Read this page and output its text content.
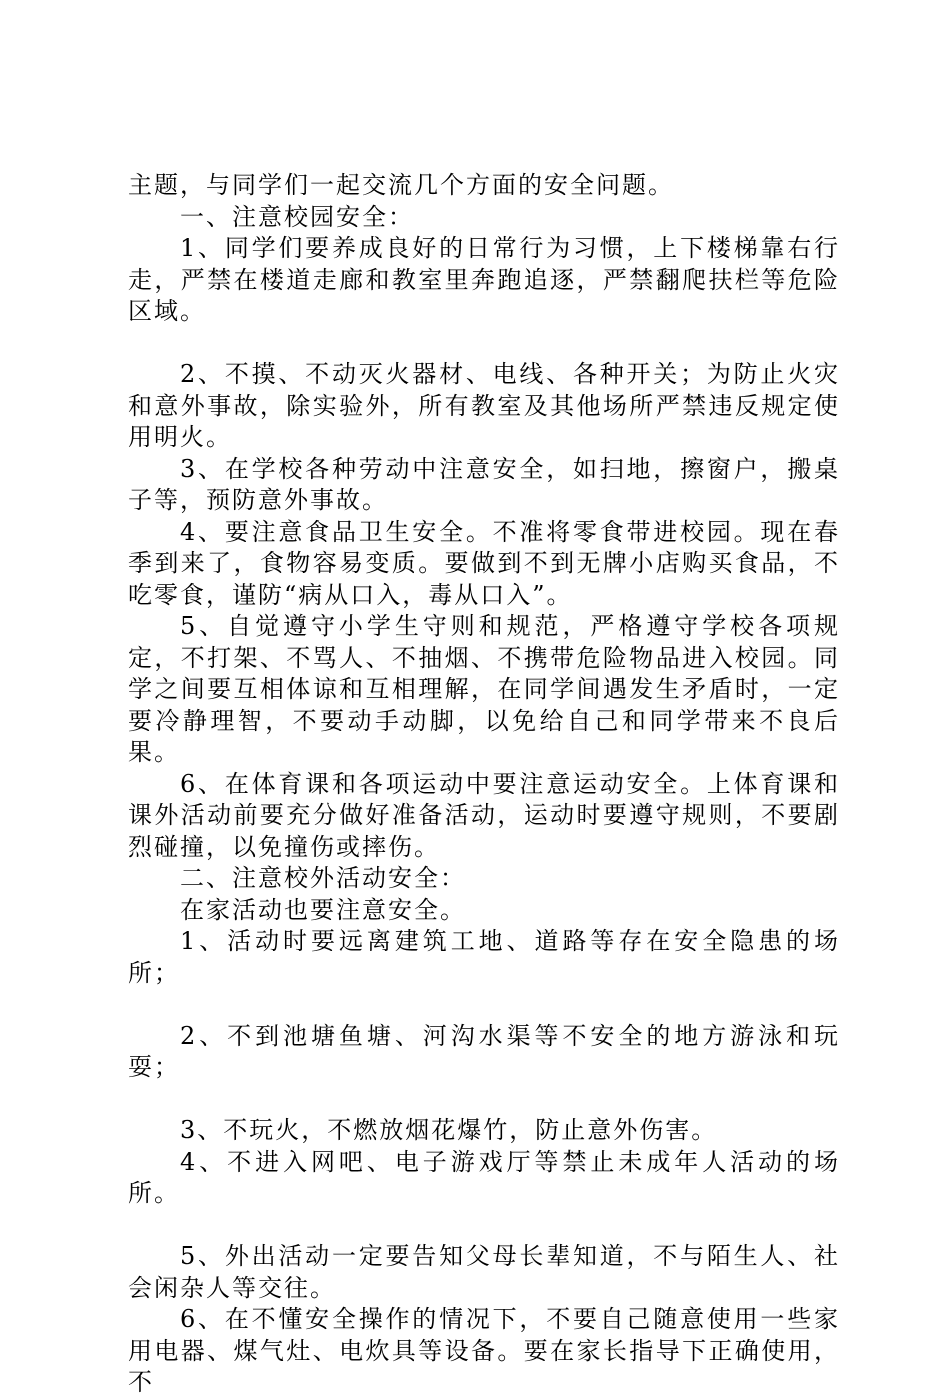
主题，与同学们一起交流几个方面的安全问题。

一、注意校园安全：

1、同学们要养成良好的日常行为习惯，上下楼梯靠右行走，严禁在楼道走廊和教室里奔跑追逐，严禁翻爬扶栏等危险区域。

2、不摸、不动灭火器材、电线、各种开关；为防止火灾和意外事故，除实验外，所有教室及其他场所严禁违反规定使用明火。

3、在学校各种劳动中注意安全，如扫地，擦窗户，搬桌子等，预防意外事故。

4、要注意食品卫生安全。不准将零食带进校园。现在春季到来了，食物容易变质。要做到不到无牌小店购买食品，不吃零食，谨防“病从口入，毒从口入”。

5、自觉遵守小学生守则和规范，严格遵守学校各项规定，不打架、不骂人、不抽烟、不携带危险物品进入校园。同学之间要互相体谅和互相理解，在同学间遇发生矛盾时，一定要冷静理智，不要动手动脚，以免给自己和同学带来不良后果。

6、在体育课和各项运动中要注意运动安全。上体育课和课外活动前要充分做好准备活动，运动时要遵守规则，不要剧烈碰撞，以免撞伤或摔伤。

二、注意校外活动安全：

在家活动也要注意安全。

1、活动时要远离建筑工地、道路等存在安全隐患的场所；

2、不到池塘鱼塘、河沟水渠等不安全的地方游泳和玩耍；

3、不玩火，不燃放烟花爆竹，防止意外伤害。

4、不进入网吧、电子游戏厅等禁止未成年人活动的场所。

5、外出活动一定要告知父母长辈知道，不与陌生人、社会闲杂人等交往。

6、在不懂安全操作的情况下，不要自己随意使用一些家用电器、煤气灶、电炊具等设备。要在家长指导下正确使用，不
